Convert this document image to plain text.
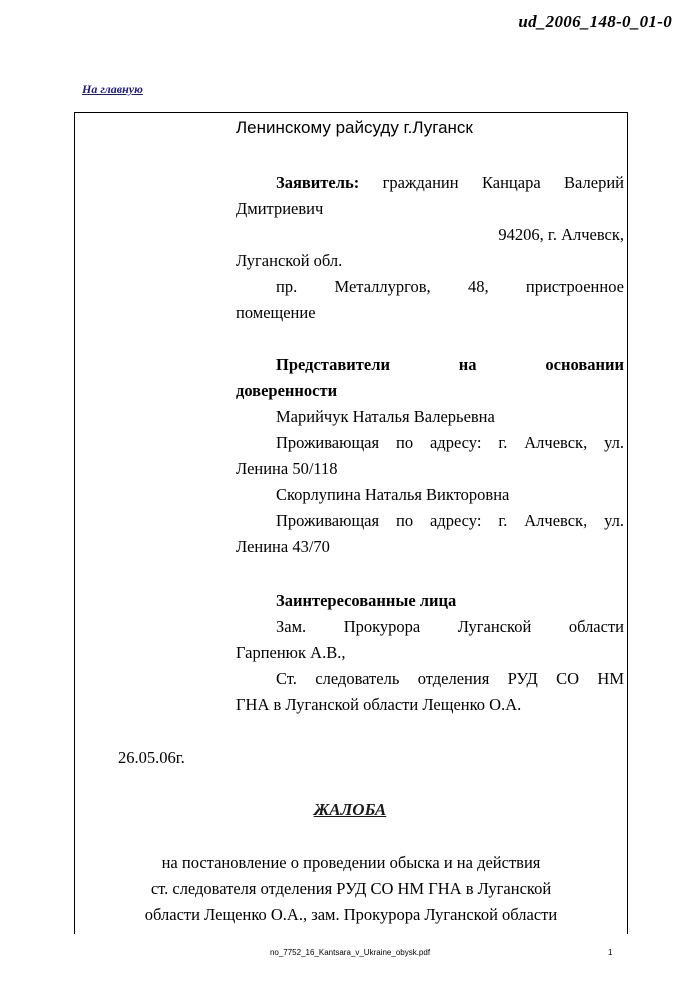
ud_2006_148-0_01-0
На главную
Ленинскому райсуду г.Луганск
Заявитель: гражданин Канцара Валерий
Дмитриевич
94206, г. Алчевск,
Луганской обл.
пр. Металлургов, 48, пристроенное
помещение
Представители на основании
доверенности
Марийчук Наталья Валерьевна
Проживающая по адресу: г. Алчевск, ул.
Ленина 50/118
Скорлупина Наталья Викторовна
Проживающая по адресу: г. Алчевск, ул.
Ленина 43/70
Заинтересованные лица
Зам. Прокурора Луганской области
Гарпенюк А.В.,
Ст. следователь отделения РУД СО НМ
ГНА в Луганской области Лещенко О.А.
26.05.06г.
ЖАЛОБА
на постановление о проведении обыска и на действия
ст. следователя отделения РУД СО НМ ГНА в Луганской
области Лещенко О.А., зам. Прокурора Луганской области
no_7752_16_Kantsara_v_Ukraine_obysk.pdf	1
